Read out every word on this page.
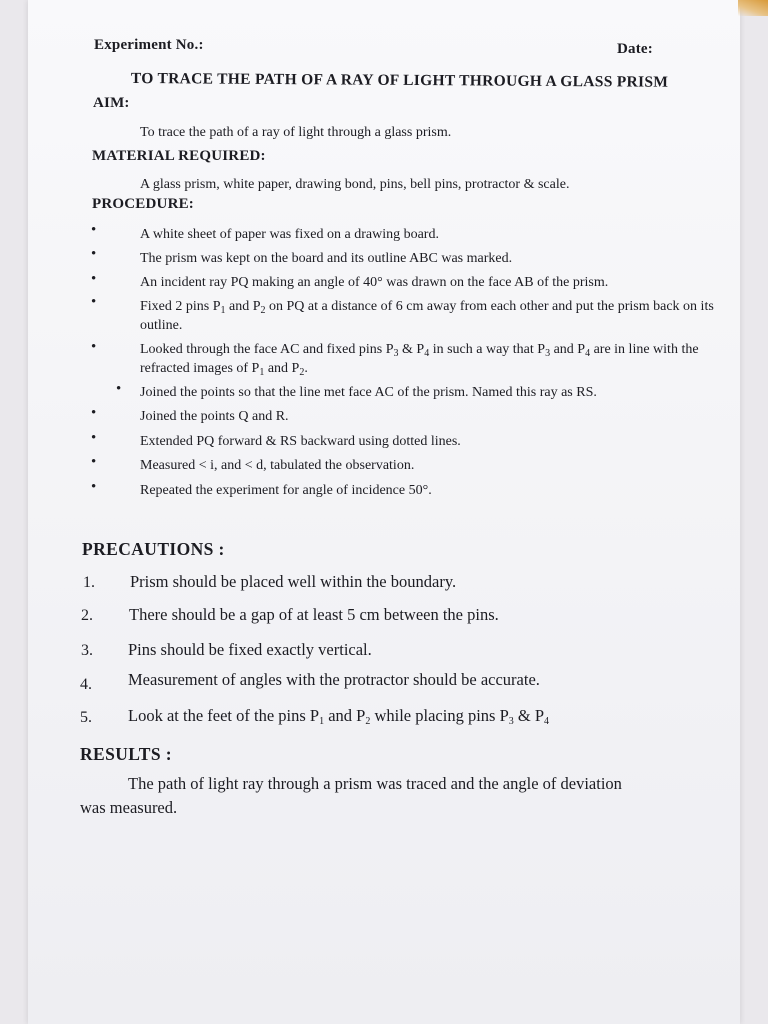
Experiment No.:	Date:
TO TRACE THE PATH OF A RAY OF LIGHT THROUGH A GLASS PRISM
AIM:
To trace the path of a ray of light through a glass prism.
MATERIAL REQUIRED:
A glass prism, white paper, drawing bond, pins, bell pins, protractor & scale.
PROCEDURE:
•	A white sheet of paper was fixed on a drawing board.
•	The prism was kept on the board and its outline ABC was marked.
•	An incident ray PQ making an angle of 40° was drawn on the face AB of the prism.
•	Fixed 2 pins $P_1$ and $P_2$ on PQ at a distance of 6 cm away from each other and put the prism back on its outline.
•	Looked through the face AC and fixed pins $P_3$ & $P_4$ in such a way that $P_3$ and $P_4$ are in line with the refracted images of $P_1$ and $P_2$.
• Joined the points so that the line met face AC of the prism. Named this ray as RS.
•	Joined the points Q and R.
•	Extended PQ forward & RS backward using dotted lines.
•	Measured < i, and < d, tabulated the observation.
•	Repeated the experiment for angle of incidence 50°.
PRECAUTIONS :
1. Prism should be placed well within the boundary.
2. There should be a gap of at least 5 cm between the pins.
3. Pins should be fixed exactly vertical.
4. Measurement of angles with the protractor should be accurate.
5. Look at the feet of the pins $P_1$ and $P_2$ while placing pins $P_3$ & $P_4$
RESULTS :
The path of light ray through a prism was traced and the angle of deviation was measured.
